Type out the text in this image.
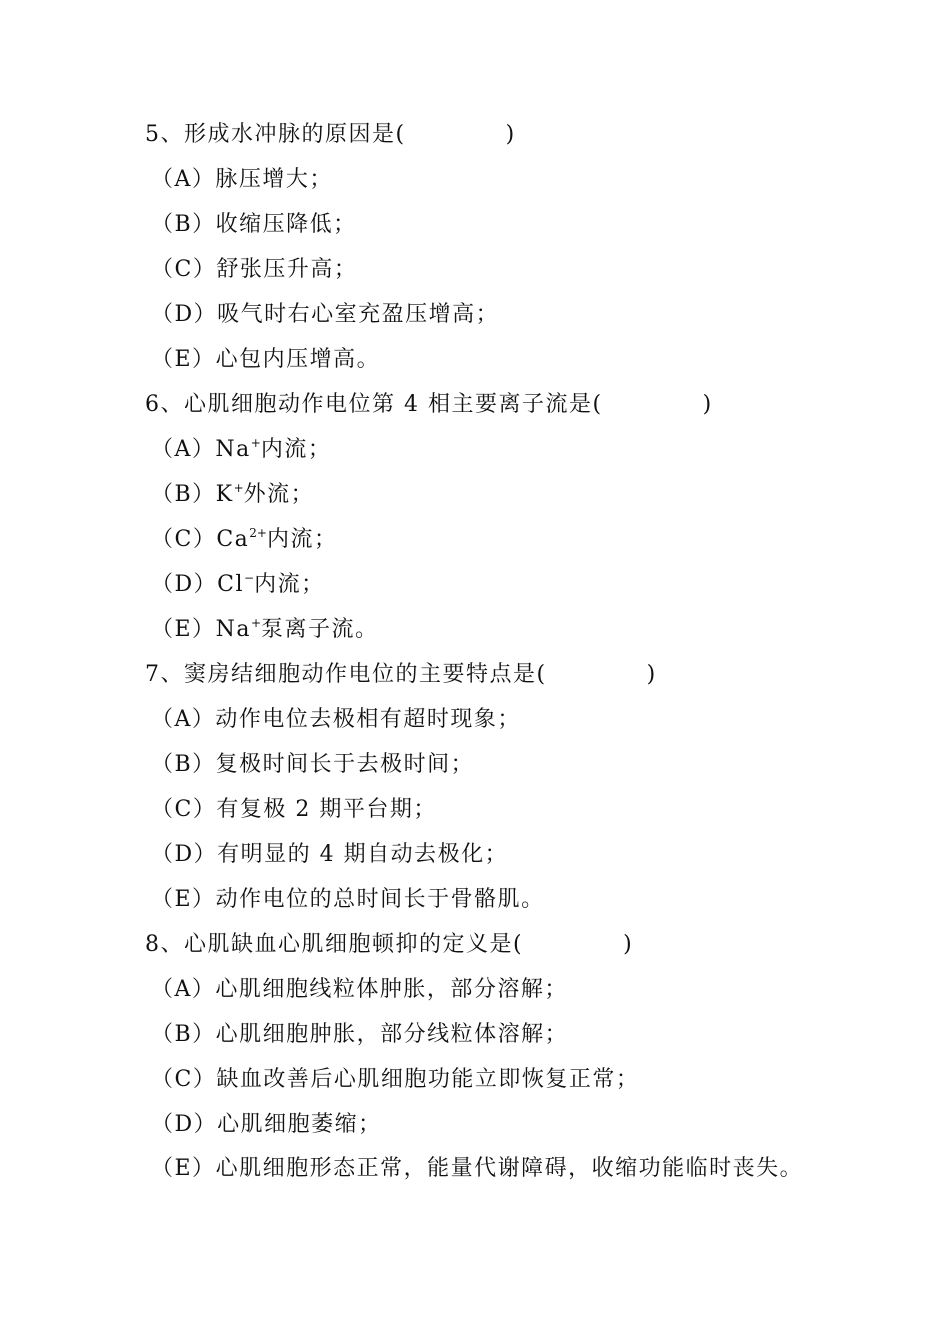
5、形成水冲脉的原因是(	)
（A）脉压增大；
（B）收缩压降低；
（C）舒张压升高；
（D）吸气时右心室充盈压增高；
（E）心包内压增高。
6、心肌细胞动作电位第 4 相主要离子流是(	)
（A）Na+内流；
（B）K+外流；
$(C)Ca^{2+}$内流；
（D）Cl−内流；
（E）Na+泵离子流。
7、窦房结细胞动作电位的主要特点是(	)
（A）动作电位去极相有超时现象；
（B）复极时间长于去极时间；
（C）有复极 2 期平台期；
（D）有明显的 4 期自动去极化；
（E）动作电位的总时间长于骨骼肌。
8、心肌缺血心肌细胞顿抑的定义是(	)
（A）心肌细胞线粒体肿胀，部分溶解；
（B）心肌细胞肿胀，部分线粒体溶解；
（C）缺血改善后心肌细胞功能立即恢复正常；
（D）心肌细胞萎缩；
（E）心肌细胞形态正常，能量代谢障碍，收缩功能临时丧失。
